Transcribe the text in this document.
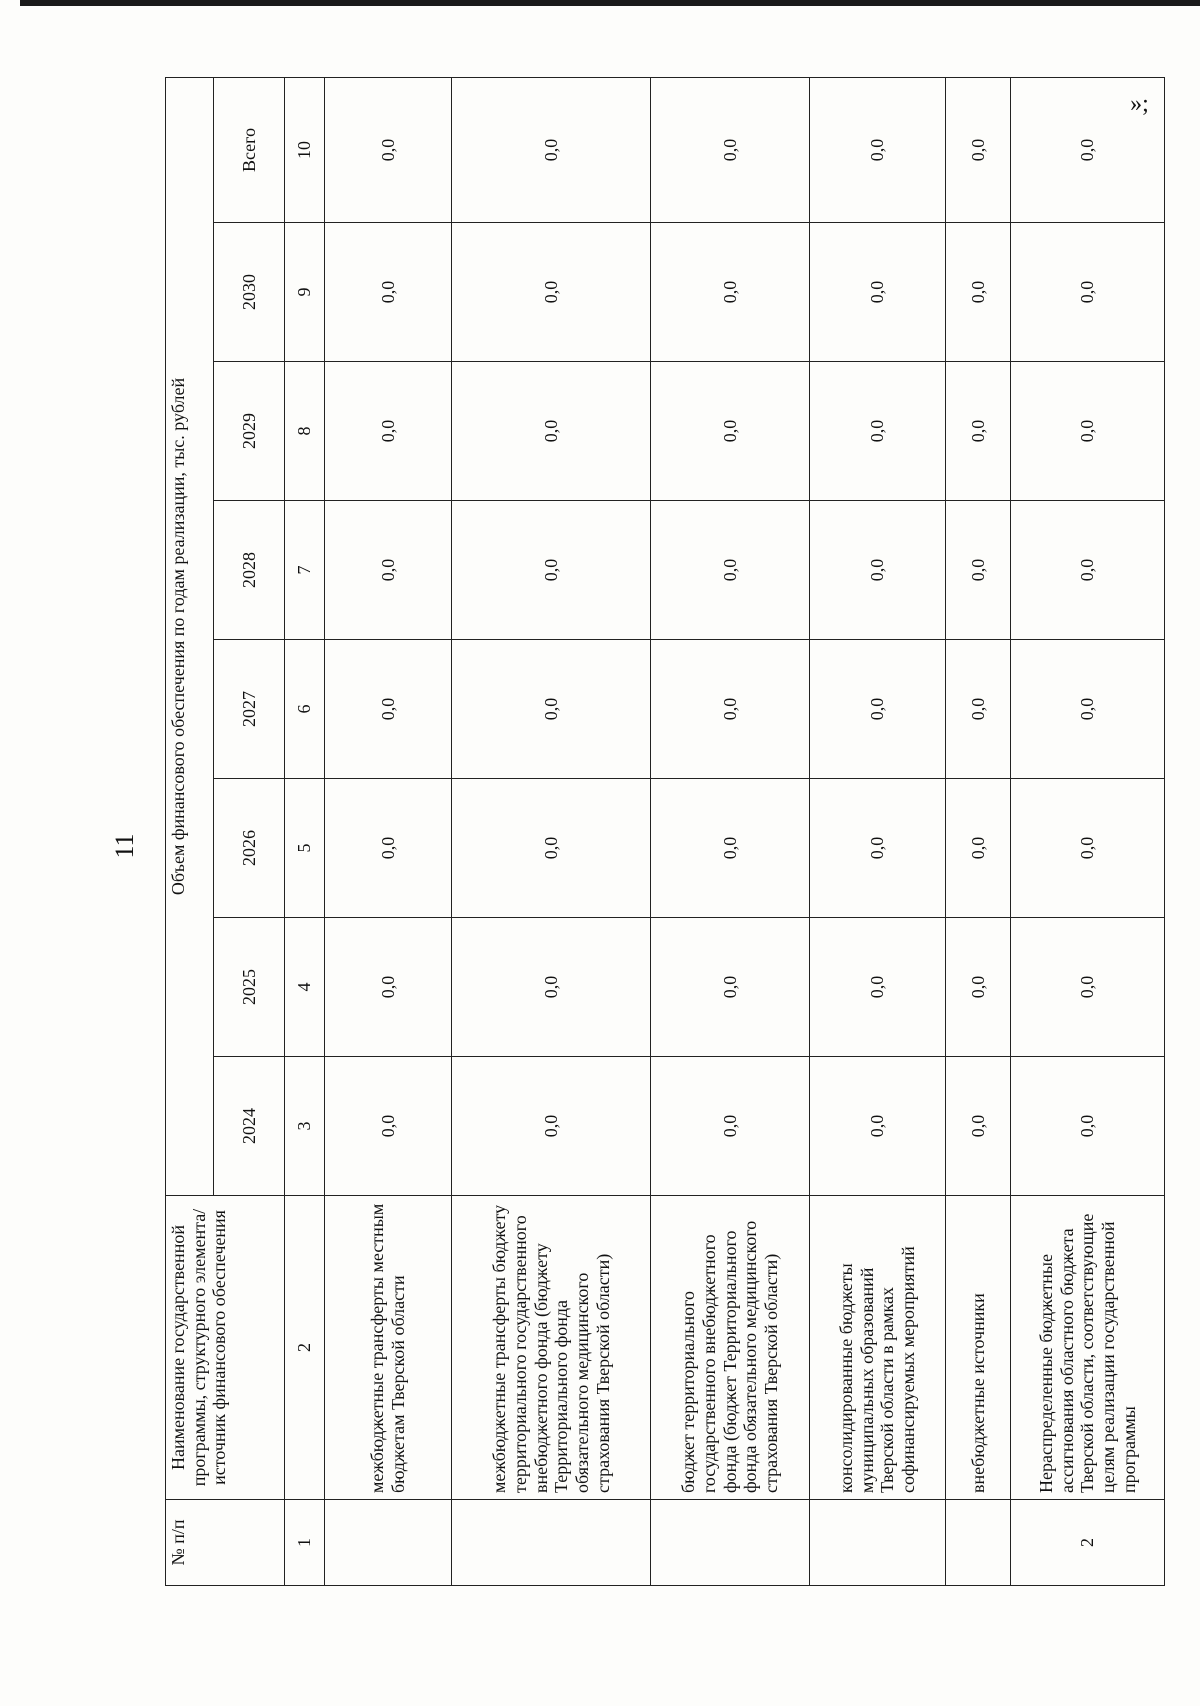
11
№ п/п	Наименование государственной программы, структурного элемента/источник финансового обеспечения	Объем финансового обеспечения по годам реализации, тыс. рублей							
		2024	2025	2026	2027	2028	2029	2030	Всего
1	2	3	4	5	6	7	8	9	10
	межбюджетные трансферты местным бюджетам Тверской области	0,0	0,0	0,0	0,0	0,0	0,0	0,0	0,0
	межбюджетные трансферты бюджету территориального государственного внебюджетного фонда (бюджету Территориального фонда обязательного медицинского страхования Тверской области)	0,0	0,0	0,0	0,0	0,0	0,0	0,0	0,0
	бюджет территориального государственного внебюджетного фонда (бюджет Территориального фонда обязательного медицинского страхования Тверской области)	0,0	0,0	0,0	0,0	0,0	0,0	0,0	0,0
	консолидированные бюджеты муниципальных образований Тверской области в рамках софинансируемых мероприятий	0,0	0,0	0,0	0,0	0,0	0,0	0,0	0,0
	внебюджетные источники	0,0	0,0	0,0	0,0	0,0	0,0	0,0	0,0
2	Нераспределенные бюджетные ассигнования областного бюджета Тверской области, соответствующие целям реализации государственной программы	0,0	0,0	0,0	0,0	0,0	0,0	0,0	0,0
»;
